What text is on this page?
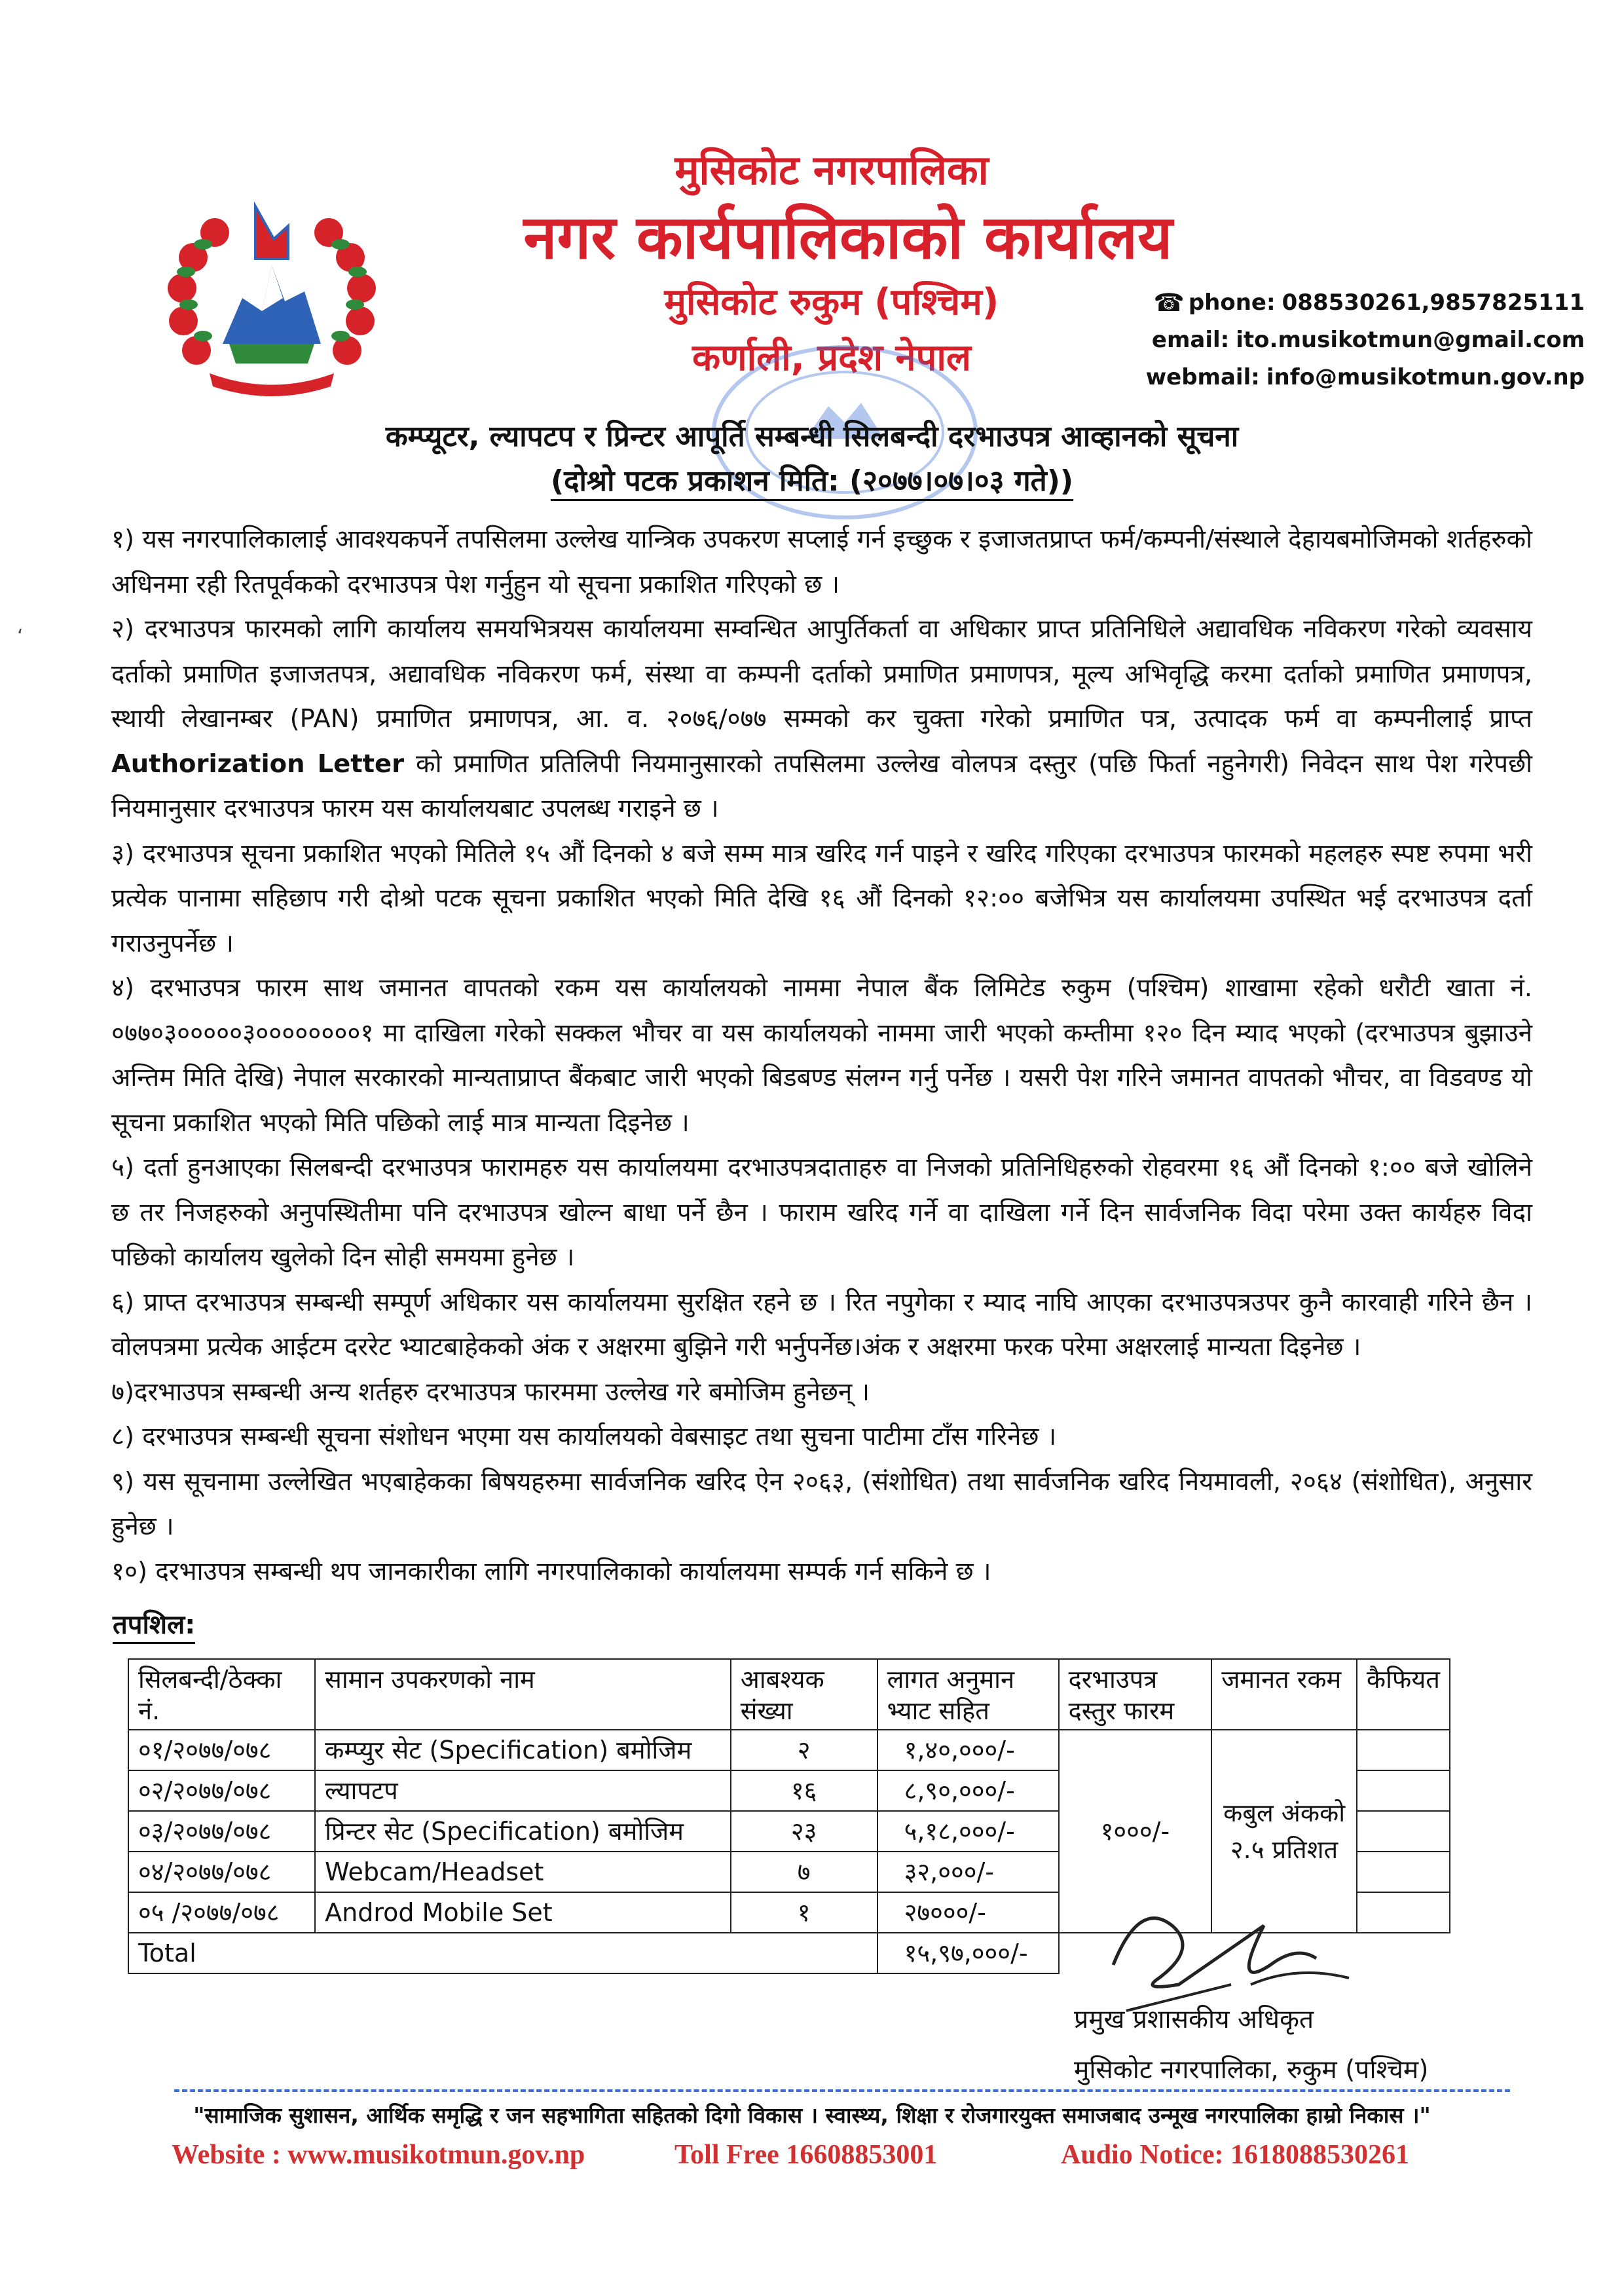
मुसिकोट नगरपालिका
नगर कार्यपालिकाको कार्यालय
मुसिकोट रुकुम (पश्चिम)
कर्णाली, प्रदेश नेपाल
☎ phone: 088530261,9857825111
email: ito.musikotmun@gmail.com
webmail: info@musikotmun.gov.np
कम्प्यूटर, ल्यापटप र प्रिन्टर आपूर्ति सम्बन्धी सिलबन्दी दरभाउपत्र आव्हानको सूचना
(दोश्रो पटक प्रकाशन मिति: (२०७७।०७।०३ गते))
ʻ
१) यस नगरपालिकालाई आवश्यकपर्ने तपसिलमा उल्लेख यान्त्रिक उपकरण सप्लाई गर्न इच्छुक र इजाजतप्राप्त फर्म/कम्पनी/संस्थाले देहायबमोजिमको शर्तहरुको अधिनमा रही रितपूर्वकको दरभाउपत्र पेश गर्नुहुन यो सूचना प्रकाशित गरिएको छ ।
२) दरभाउपत्र फारमको लागि कार्यालय समयभित्रयस कार्यालयमा सम्वन्धित आपुर्तिकर्ता वा अधिकार प्राप्त प्रतिनिधिले अद्यावधिक नविकरण गरेको व्यवसाय दर्ताको प्रमाणित इजाजतपत्र, अद्यावधिक नविकरण फर्म, संस्था वा कम्पनी दर्ताको प्रमाणित प्रमाणपत्र, मूल्य अभिवृद्धि करमा दर्ताको प्रमाणित प्रमाणपत्र, स्थायी लेखानम्बर (PAN) प्रमाणित प्रमाणपत्र, आ. व. २०७६/०७७ सम्मको कर चुक्ता गरेको प्रमाणित पत्र, उत्पादक फर्म वा कम्पनीलाई प्राप्त Authorization Letter को प्रमाणित प्रतिलिपी नियमानुसारको तपसिलमा उल्लेख वोलपत्र दस्तुर (पछि फिर्ता नहुनेगरी) निवेदन साथ पेश गरेपछी नियमानुसार दरभाउपत्र फारम यस कार्यालयबाट उपलब्ध गराइने छ ।
३) दरभाउपत्र सूचना प्रकाशित भएको मितिले १५ औं दिनको ४ बजे सम्म मात्र खरिद गर्न पाइने र खरिद गरिएका दरभाउपत्र फारमको महलहरु स्पष्ट रुपमा भरी प्रत्येक पानामा सहिछाप गरी दोश्रो पटक सूचना प्रकाशित भएको मिति देखि १६ औं दिनको १२:०० बजेभित्र यस कार्यालयमा उपस्थित भई दरभाउपत्र दर्ता गराउनुपर्नेछ ।
४) दरभाउपत्र फारम साथ जमानत वापतको रकम यस कार्यालयको नाममा नेपाल बैंक लिमिटेड रुकुम (पश्चिम) शाखामा रहेको धरौटी खाता नं. ०७७०३०००००३००००००००१ मा दाखिला गरेको सक्कल भौचर वा यस कार्यालयको नाममा जारी भएको कम्तीमा १२० दिन म्याद भएको (दरभाउपत्र बुझाउने अन्तिम मिति देखि) नेपाल सरकारको मान्यताप्राप्त बैंकबाट जारी भएको बिडबण्ड संलग्न गर्नु पर्नेछ । यसरी पेश गरिने जमानत वापतको भौचर, वा विडवण्ड यो सूचना प्रकाशित भएको मिति पछिको लाई मात्र मान्यता दिइनेछ ।
५) दर्ता हुनआएका सिलबन्दी दरभाउपत्र फारामहरु यस कार्यालयमा दरभाउपत्रदाताहरु वा निजको प्रतिनिधिहरुको रोहवरमा १६ औं दिनको १:०० बजे खोलिने छ तर निजहरुको अनुपस्थितीमा पनि दरभाउपत्र खोल्न बाधा पर्ने छैन । फाराम खरिद गर्ने वा दाखिला गर्ने दिन सार्वजनिक विदा परेमा उक्त कार्यहरु विदा पछिको कार्यालय खुलेको दिन सोही समयमा हुनेछ ।
६) प्राप्त दरभाउपत्र सम्बन्धी सम्पूर्ण अधिकार यस कार्यालयमा सुरक्षित रहने छ । रित नपुगेका र म्याद नाघि आएका दरभाउपत्रउपर कुनै कारवाही गरिने छैन । वोलपत्रमा प्रत्येक आईटम दररेट भ्याटबाहेकको अंक र अक्षरमा बुझिने गरी भर्नुपर्नेछ।अंक र अक्षरमा फरक परेमा अक्षरलाई मान्यता दिइनेछ ।
७)दरभाउपत्र सम्बन्धी अन्य शर्तहरु दरभाउपत्र फारममा उल्लेख गरे बमोजिम हुनेछन् ।
८) दरभाउपत्र सम्बन्धी सूचना संशोधन भएमा यस कार्यालयको वेबसाइट तथा सुचना पाटीमा टाँस गरिनेछ ।
९) यस सूचनामा उल्लेखित भएबाहेकका बिषयहरुमा सार्वजनिक खरिद ऐन २०६३, (संशोधित) तथा सार्वजनिक खरिद नियमावली, २०६४ (संशोधित), अनुसार हुनेछ ।
१०) दरभाउपत्र सम्बन्धी थप जानकारीका लागि नगरपालिकाको कार्यालयमा सम्पर्क गर्न सकिने छ ।
तपशिल:
सिलबन्दी/ठेक्का नं.	सामान उपकरणको नाम	आबश्यक संख्या	लागत अनुमान भ्याट सहित	दरभाउपत्र दस्तुर फारम	जमानत रकम	कैफियत
०१/२०७७/०७८	कम्प्युर सेट (Specification) बमोजिम	२	१,४०,०००/-	१०००/-	कबुल अंकको २.५ प्रतिशत	
०२/२०७७/०७८	ल्यापटप	१६	८,९०,०००/-			
०३/२०७७/०७८	प्रिन्टर सेट (Specification) बमोजिम	२३	५,१८,०००/-			
०४/२०७७/०७८	Webcam/Headset	७	३२,०००/-			
०५ /२०७७/०७८	Androd Mobile Set	१	२७०००/-			
Total			१५,९७,०००/-			
प्रमुख प्रशासकीय अधिकृत
मुसिकोट नगरपालिका, रुकुम (पश्चिम)
"सामाजिक सुशासन, आर्थिक समृद्धि र जन सहभागिता सहितको दिगो विकास । स्वास्थ्य, शिक्षा र रोजगारयुक्त समाजबाद उन्मूख नगरपालिका हाम्रो निकास ।"
Website : www.musikotmun.gov.np	Toll Free 16608853001	Audio Notice: 1618088530261
